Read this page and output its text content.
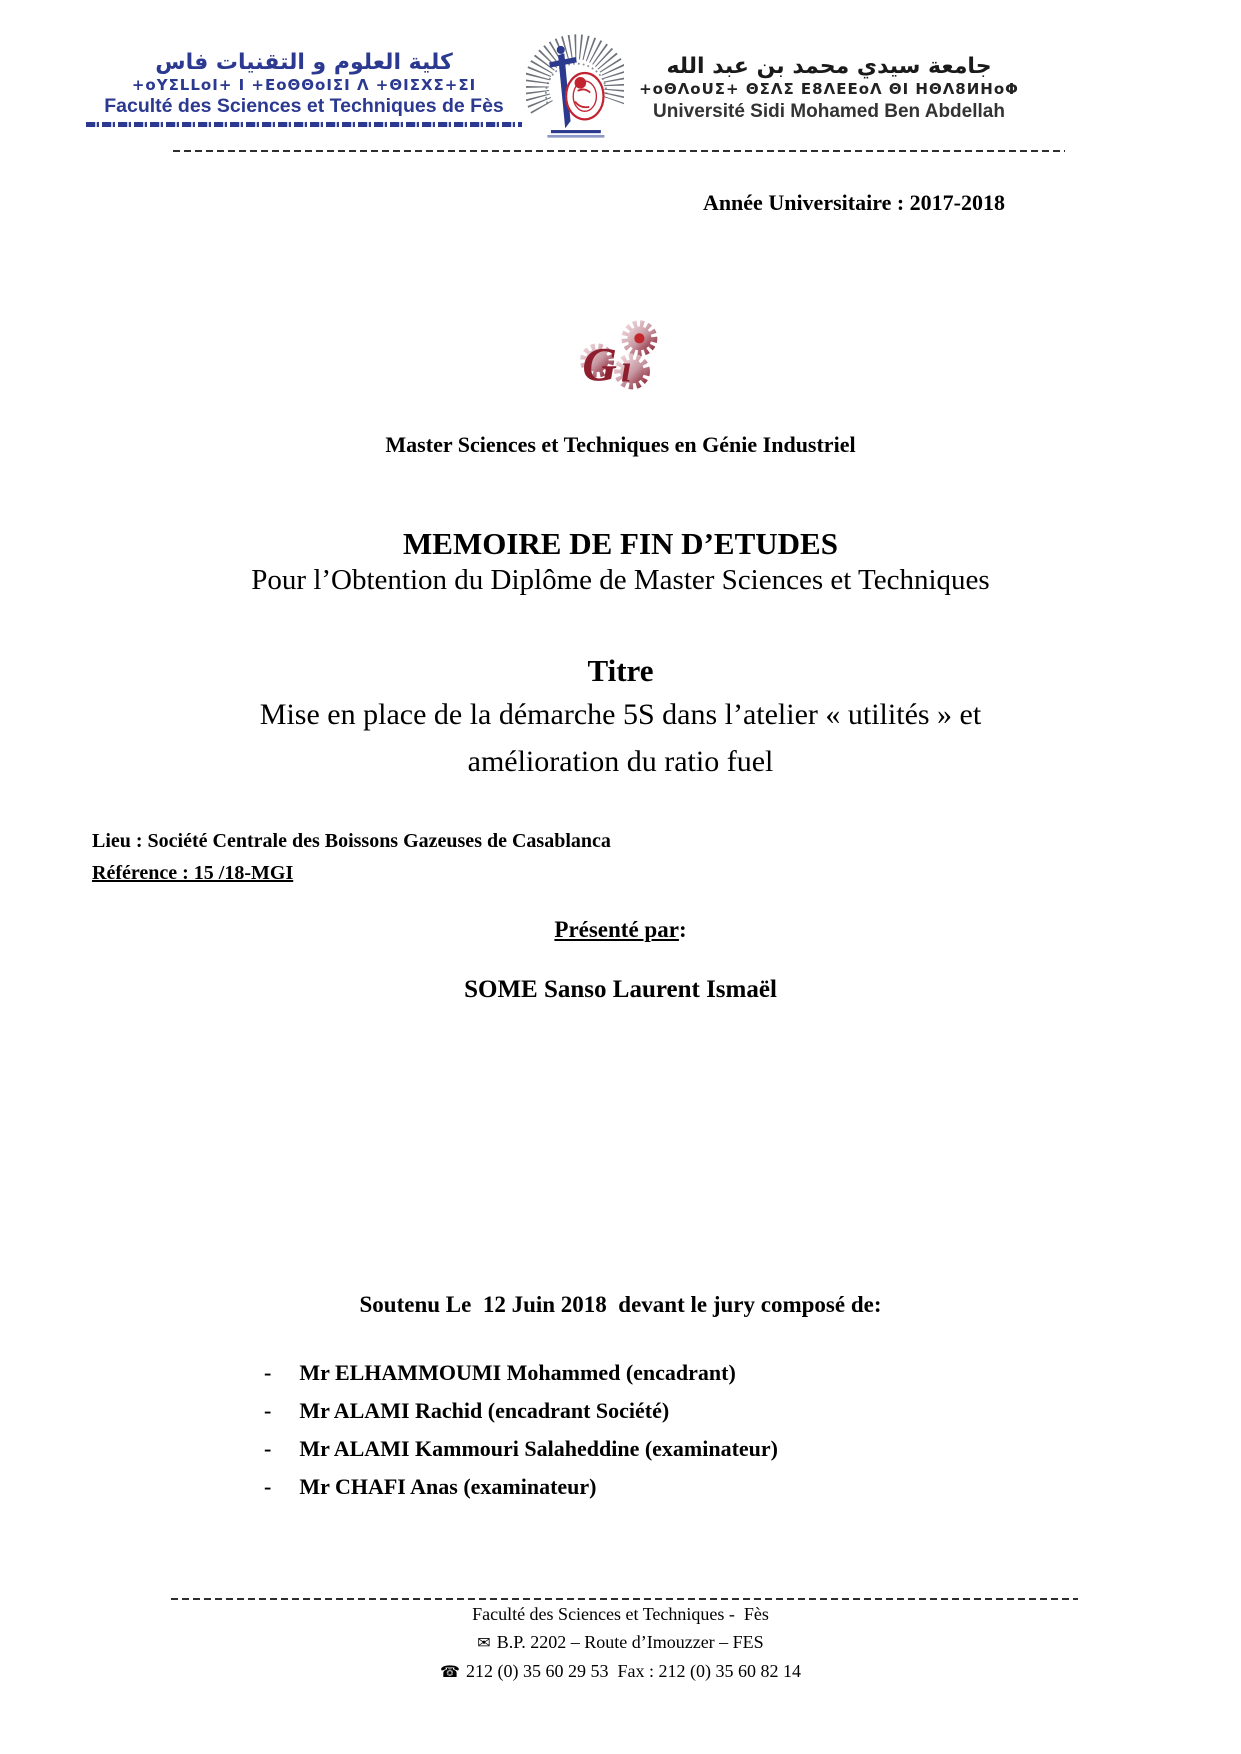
كلية العلوم و التقنيات فاس
+oYΣLLoI+ I +EoΘΘoIΣI Λ +ΘIΣXΣ+ΣI
Faculté des Sciences et Techniques de Fès
جامعة سيدي محمد بن عبد الله
+oΘΛoUΣ+ ΘΣΛΣ Ε8ΛΕΕoΛ ΘΙ ΗΘΛ8ИΗoΦ
Université Sidi Mohamed Ben Abdellah
Année Universitaire : 2017-2018
G ı
Master Sciences et Techniques en Génie Industriel
MEMOIRE DE FIN D’ETUDES
Pour l’Obtention du Diplôme de Master Sciences et Techniques
Titre
Mise en place de la démarche 5S dans l’atelier « utilités » et
amélioration du ratio fuel
Lieu : Société Centrale des Boissons Gazeuses de Casablanca
Référence : 15 /18-MGI
Présenté par:
SOME Sanso Laurent Ismaël
Soutenu Le  12 Juin 2018  devant le jury composé de:
- Mr ELHAMMOUMI Mohammed (encadrant)
- Mr ALAMI Rachid (encadrant Société)
- Mr ALAMI Kammouri Salaheddine (examinateur)
- Mr CHAFI Anas (examinateur)
Faculté des Sciences et Techniques -  Fès
✉ B.P. 2202 – Route d’Imouzzer – FES
☎ 212 (0) 35 60 29 53  Fax : 212 (0) 35 60 82 14
